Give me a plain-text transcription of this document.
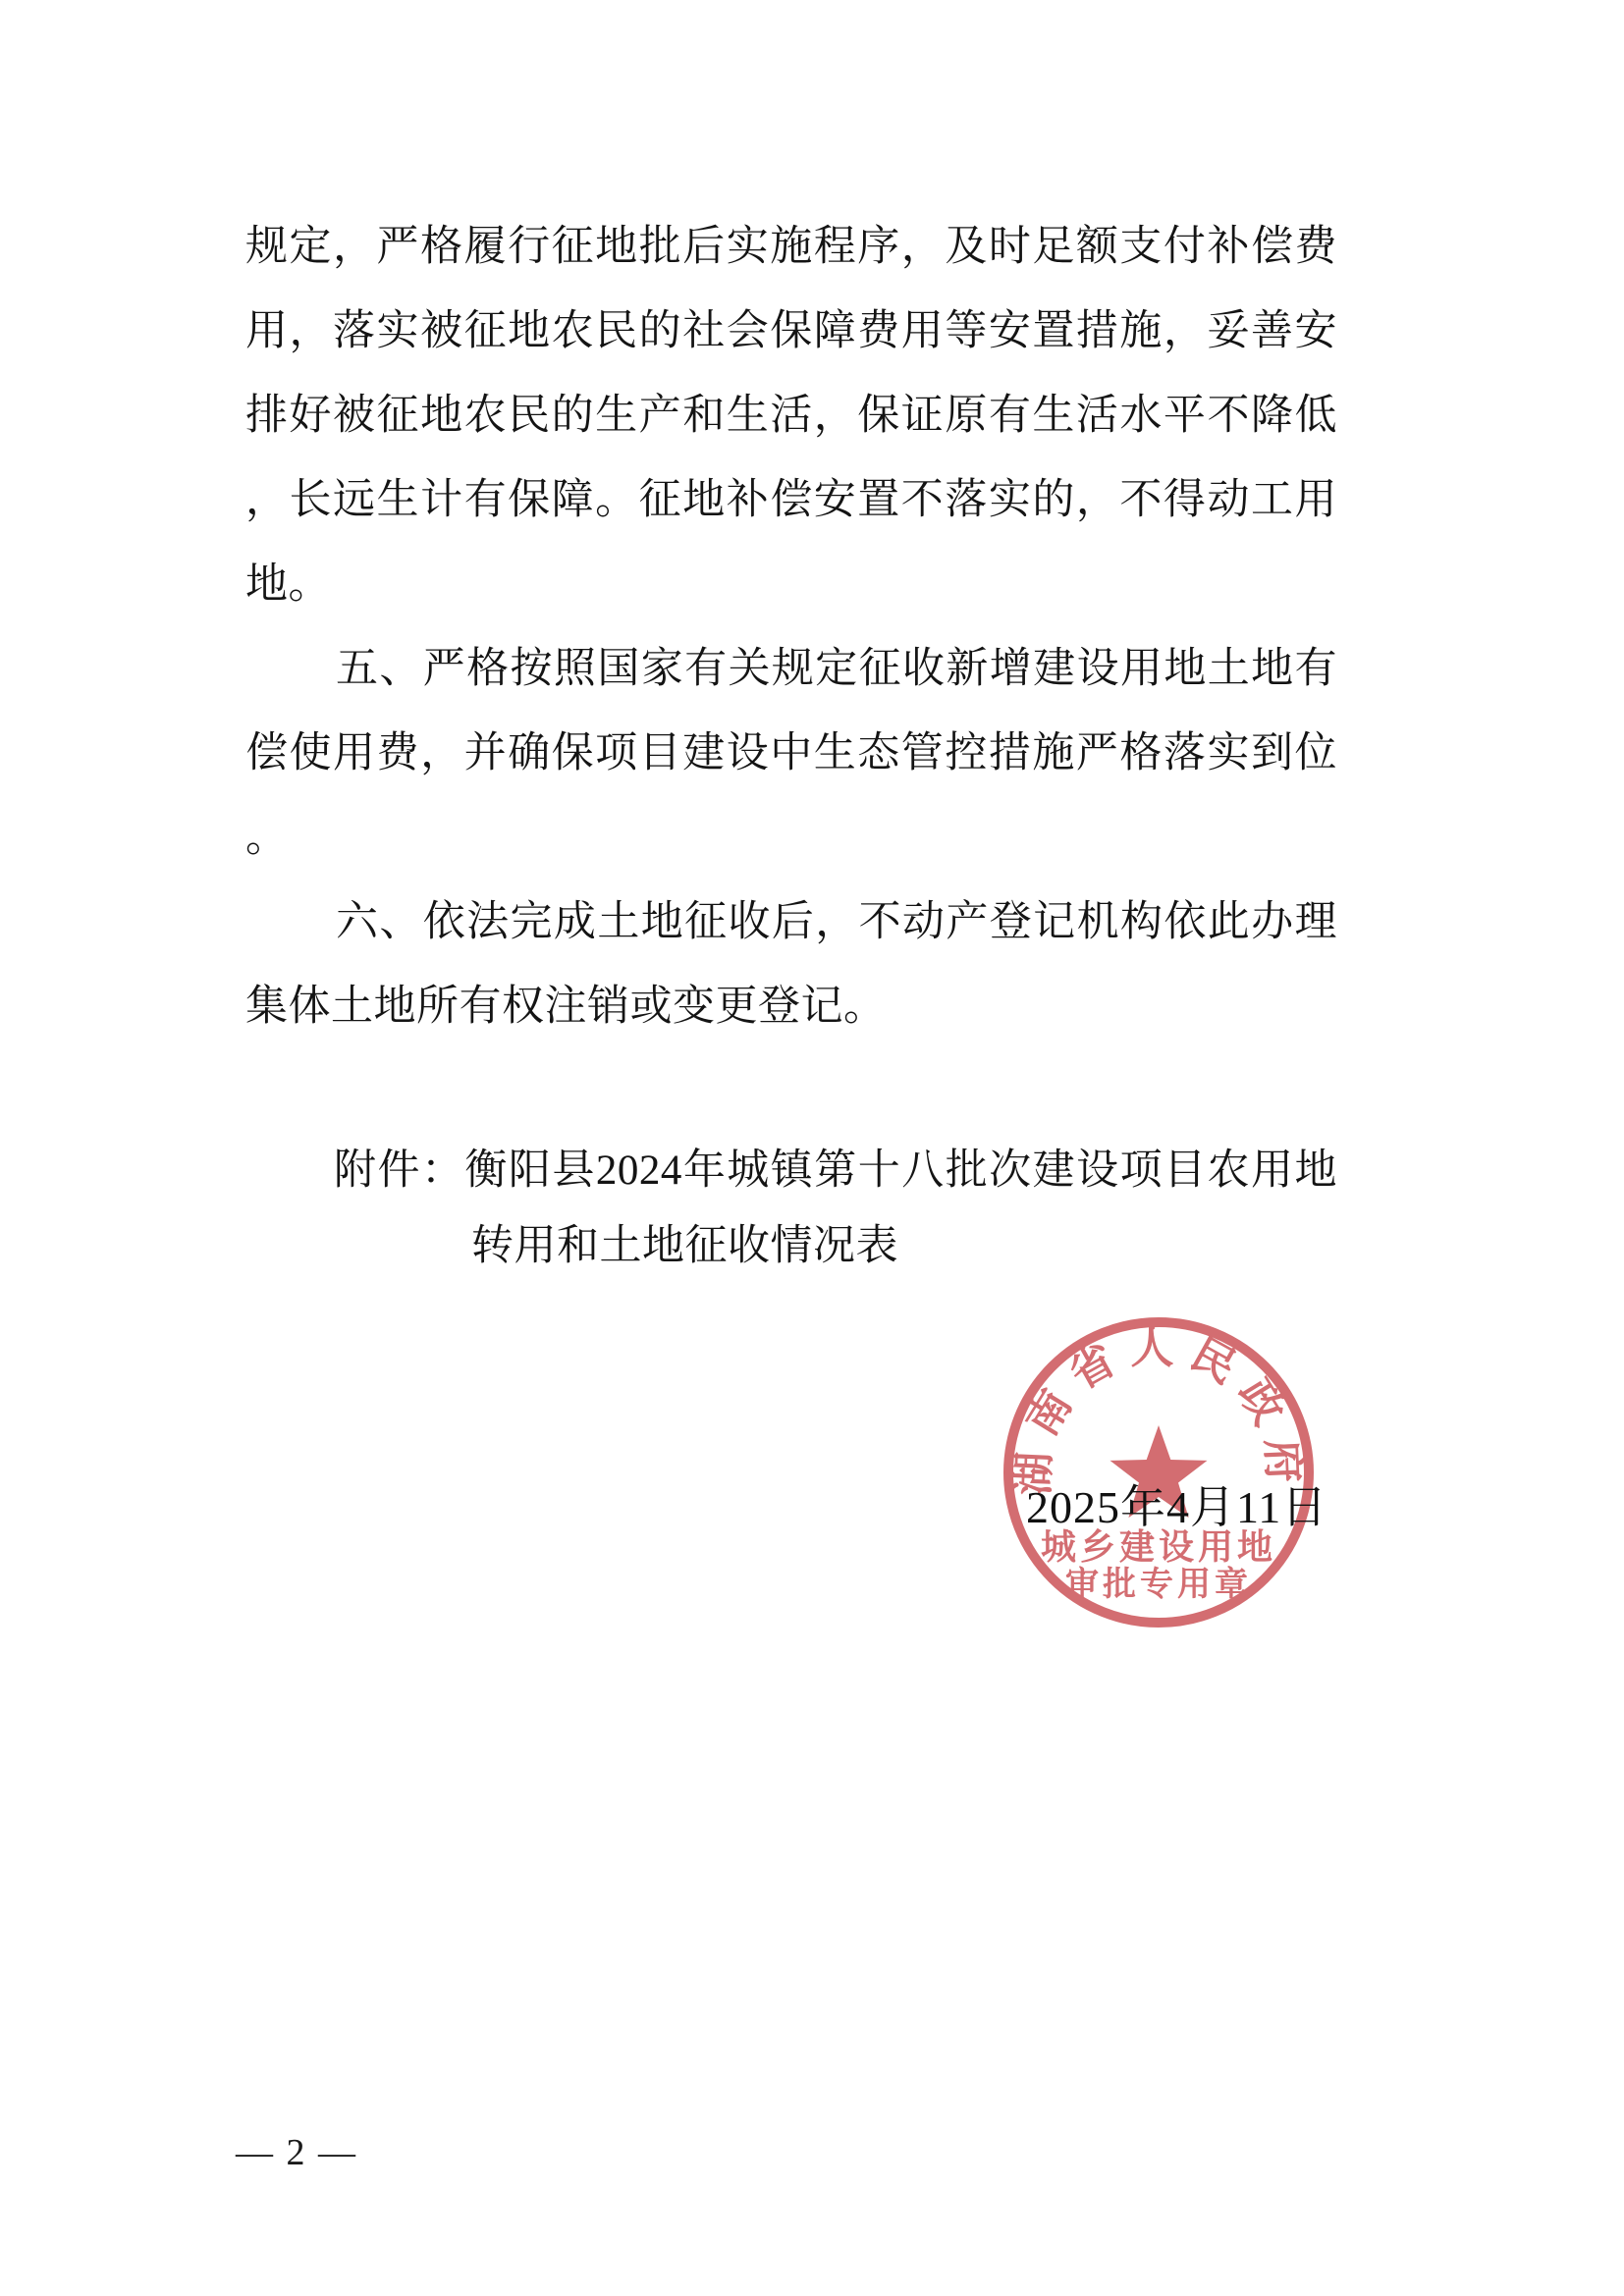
规定，严格履行征地批后实施程序，及时足额支付补偿费
用，落实被征地农民的社会保障费用等安置措施，妥善安
排好被征地农民的生产和生活，保证原有生活水平不降低
，长远生计有保障。征地补偿安置不落实的，不得动工用
地。
五、严格按照国家有关规定征收新增建设用地土地有
偿使用费，并确保项目建设中生态管控措施严格落实到位
。
六、依法完成土地征收后，不动产登记机构依此办理
集体土地所有权注销或变更登记。
附件：衡阳县2024年城镇第十八批次建设项目农用地
转用和土地征收情况表
湖南省人民政府
城乡建设用地
审批专用章
2025年4月11日
— 2 —
